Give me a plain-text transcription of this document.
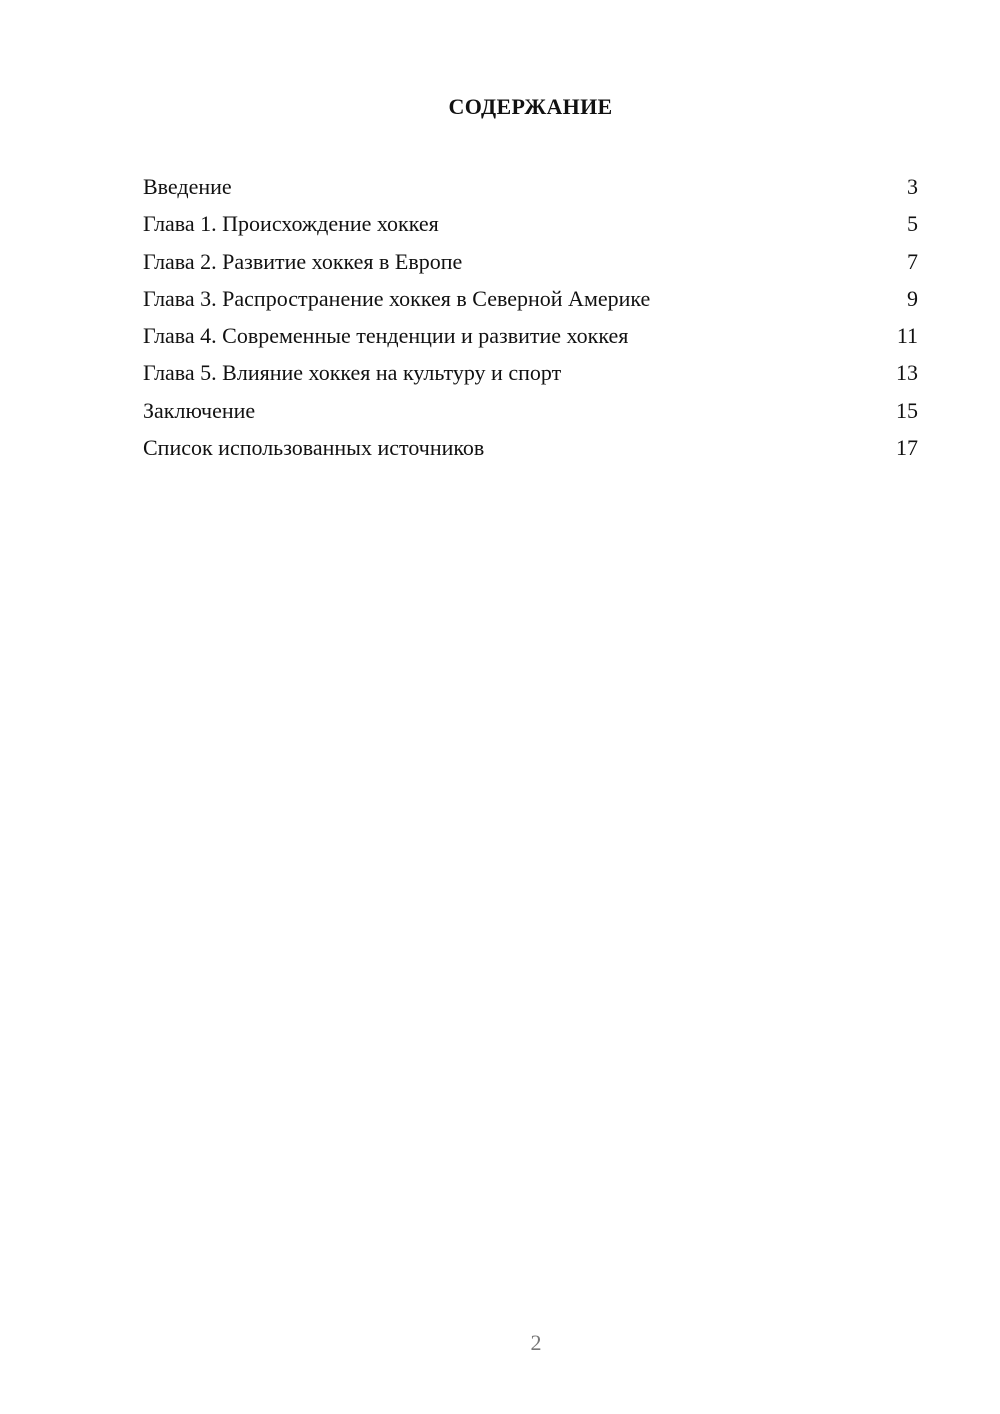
СОДЕРЖАНИЕ
Введение	3
Глава 1. Происхождение хоккея	5
Глава 2. Развитие хоккея в Европе	7
Глава 3. Распространение хоккея в Северной Америке	9
Глава 4. Современные тенденции и развитие хоккея	11
Глава 5. Влияние хоккея на культуру и спорт	13
Заключение	15
Список использованных источников	17
2
